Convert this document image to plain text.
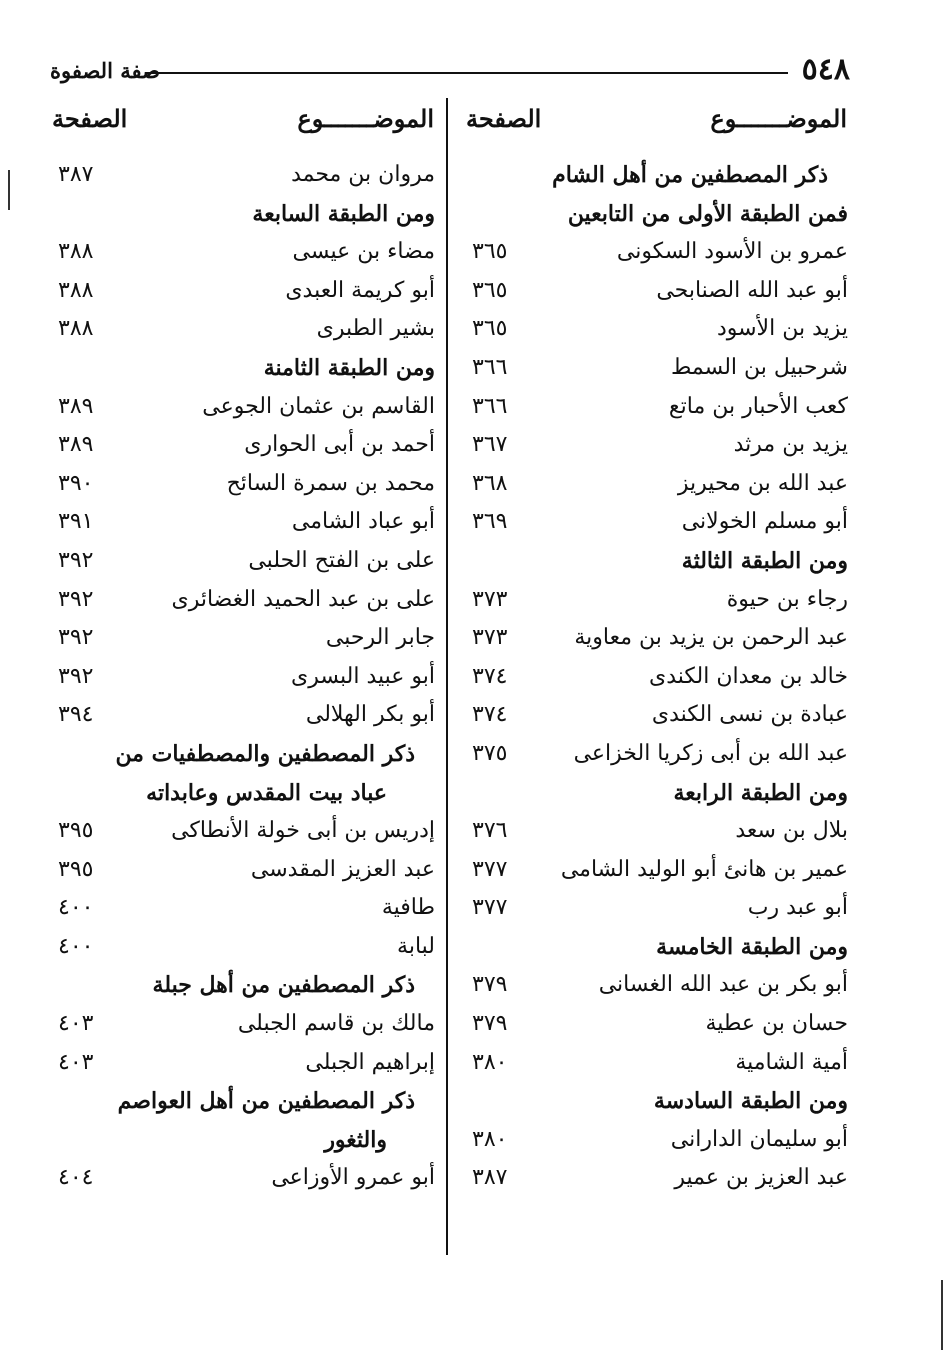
صفة الصفوة	٥٤٨
الموضـــــــوع
الصفحة
الموضـــــــوع
الصفحة
ذكر المصطفين من أهل الشام
فمن الطبقة الأولى من التابعين
عمرو بن الأسود السكونى
٣٦٥
أبو عبد الله الصنابحى
٣٦٥
يزيد بن الأسود
٣٦٥
شرحبيل بن السمط
٣٦٦
كعب الأحبار بن ماتع
٣٦٦
يزيد بن مرثد
٣٦٧
عبد الله بن محيريز
٣٦٨
أبو مسلم الخولانى
٣٦٩
ومن الطبقة الثالثة
رجاء بن حيوة
٣٧٣
عبد الرحمن بن يزيد بن معاوية
٣٧٣
خالد بن معدان الكندى
٣٧٤
عبادة بن نسى الكندى
٣٧٤
عبد الله بن أبى زكريا الخزاعى
٣٧٥
ومن الطبقة الرابعة
بلال بن سعد
٣٧٦
عمير بن هانئ أبو الوليد الشامى
٣٧٧
أبو عبد رب
٣٧٧
ومن الطبقة الخامسة
أبو بكر بن عبد الله الغسانى
٣٧٩
حسان بن عطية
٣٧٩
أمية الشامية
٣٨٠
ومن الطبقة السادسة
أبو سليمان الدارانى
٣٨٠
عبد العزيز بن عمير
٣٨٧
مروان بن محمد
٣٨٧
ومن الطبقة السابعة
مضاء بن عيسى
٣٨٨
أبو كريمة العبدى
٣٨٨
بشير الطبرى
٣٨٨
ومن الطبقة الثامنة
القاسم بن عثمان الجوعى
٣٨٩
أحمد بن أبى الحوارى
٣٨٩
محمد بن سمرة السائح
٣٩٠
أبو عباد الشامى
٣٩١
على بن الفتح الحلبى
٣٩٢
على بن عبد الحميد الغضائرى
٣٩٢
جابر الرحبى
٣٩٢
أبو عبيد البسرى
٣٩٢
أبو بكر الهلالى
٣٩٤
ذكر المصطفين والمصطفيات من
عباد بيت المقدس وعابداته
إدريس بن أبى خولة الأنطاكى
٣٩٥
عبد العزيز المقدسى
٣٩٥
طافية
٤٠٠
لبابة
٤٠٠
ذكر المصطفين من أهل جبلة
مالك بن قاسم الجبلى
٤٠٣
إبراهيم الجبلى
٤٠٣
ذكر المصطفين من أهل العواصم
والثغور
أبو عمرو الأوزاعى
٤٠٤
